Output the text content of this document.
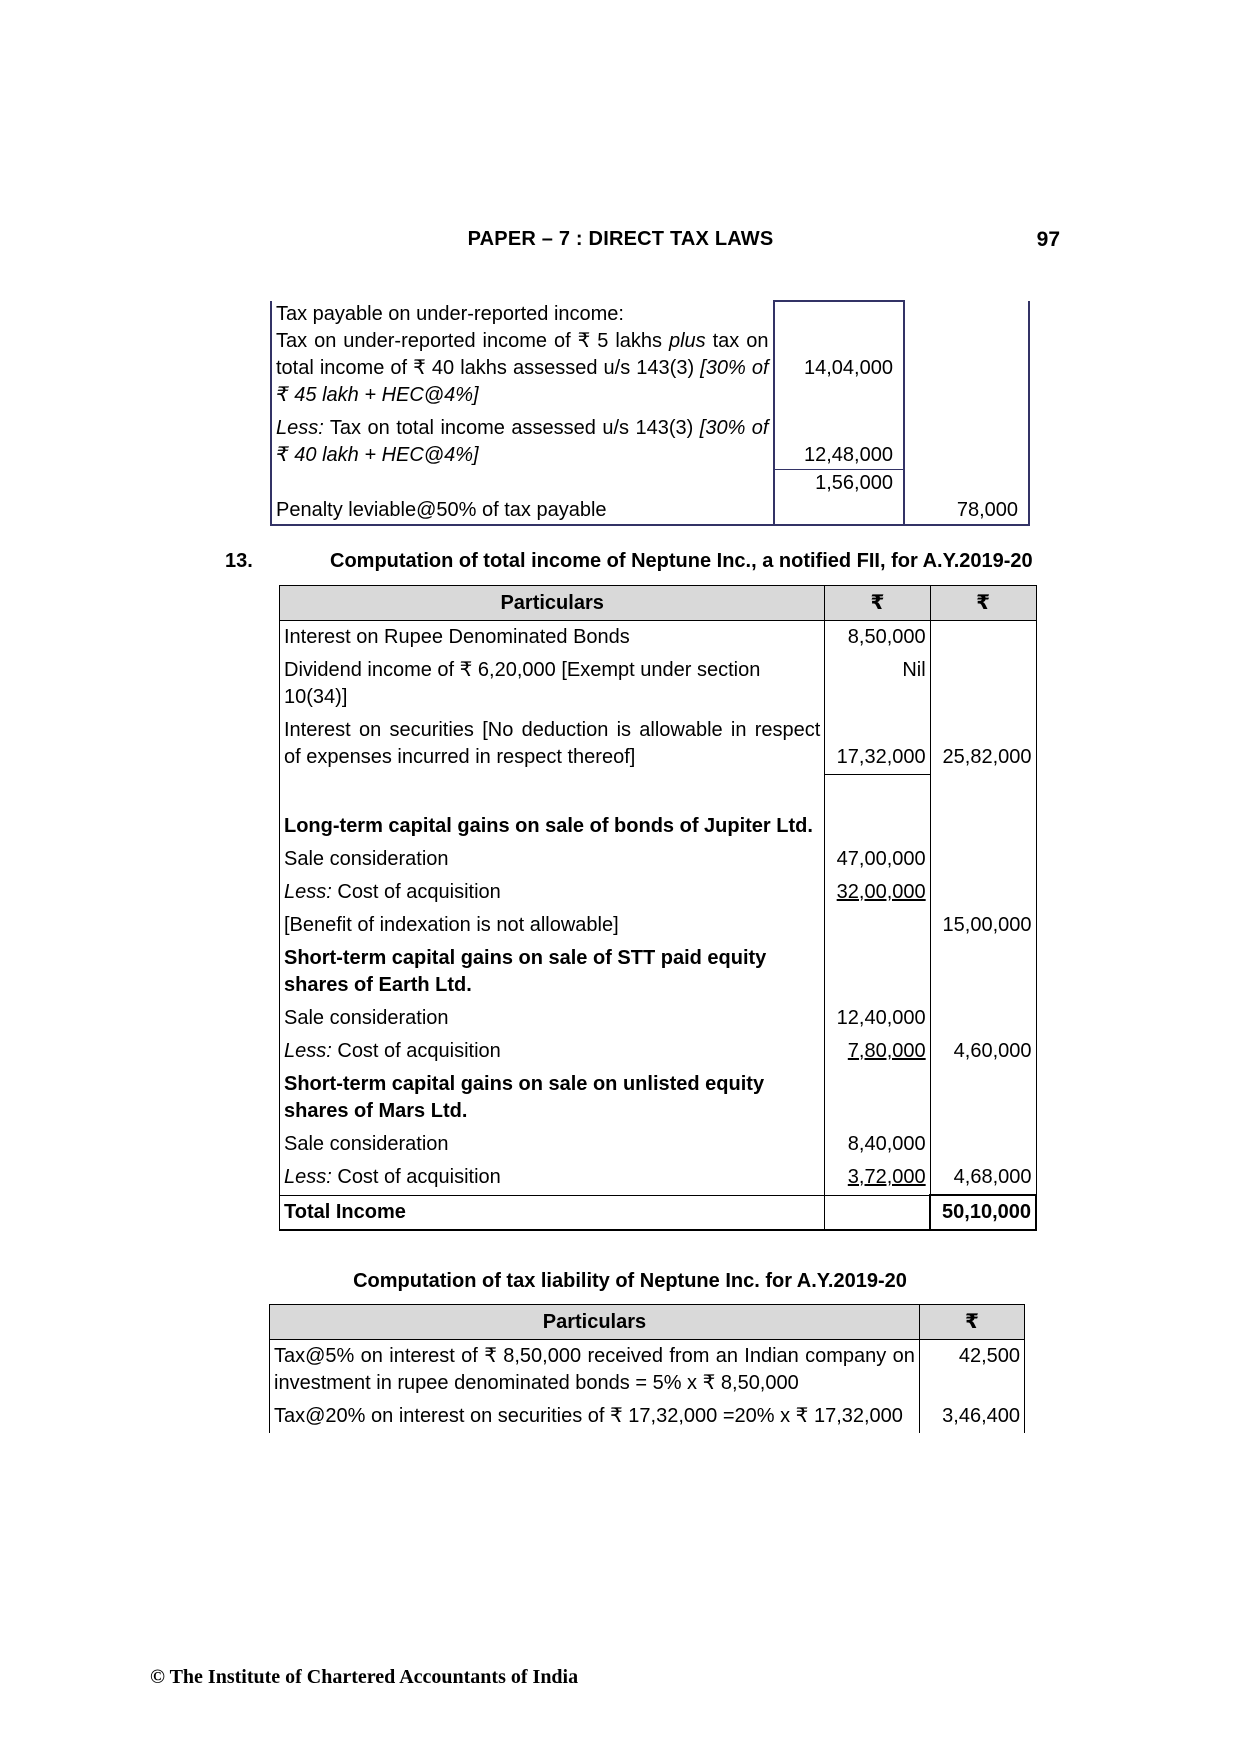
PAPER – 7 : DIRECT TAX LAWS	97
Tax payable on under-reported income:		
Tax on under-reported income of ₹ 5 lakhs plus tax on total income of ₹ 40 lakhs assessed u/s 143(3) [30% of ₹ 45 lakh + HEC@4%]	14,04,000	
Less: Tax on total income assessed u/s 143(3) [30% of ₹ 40 lakh + HEC@4%]	12,48,000	
	1,56,000	
Penalty leviable@50% of tax payable		78,000
13.	Computation of total income of Neptune Inc., a notified FII, for A.Y.2019-20
Particulars	₹	₹
Interest on Rupee Denominated Bonds	8,50,000	
Dividend income of ₹ 6,20,000 [Exempt under section 10(34)]	Nil	
Interest on securities [No deduction is allowable in respect of expenses incurred in respect thereof]	17,32,000	25,82,000

Long-term capital gains on sale of bonds of Jupiter Ltd.		
Sale consideration	47,00,000	
Less: Cost of acquisition	32,00,000	
[Benefit of indexation is not allowable]		15,00,000
Short-term capital gains on sale of STT paid equity shares of Earth Ltd.		
Sale consideration	12,40,000	
Less: Cost of acquisition	7,80,000	4,60,000
Short-term capital gains on sale on unlisted equity shares of Mars Ltd.		
Sale consideration	8,40,000	
Less: Cost of acquisition	3,72,000	4,68,000
Total Income		50,10,000
Computation of tax liability of Neptune Inc. for A.Y.2019-20
Particulars	₹
Tax@5% on interest of ₹ 8,50,000 received from an Indian company on investment in rupee denominated bonds = 5% x ₹ 8,50,000	42,500
Tax@20% on interest on securities of ₹ 17,32,000 =20% x ₹ 17,32,000	3,46,400
© The Institute of Chartered Accountants of India
